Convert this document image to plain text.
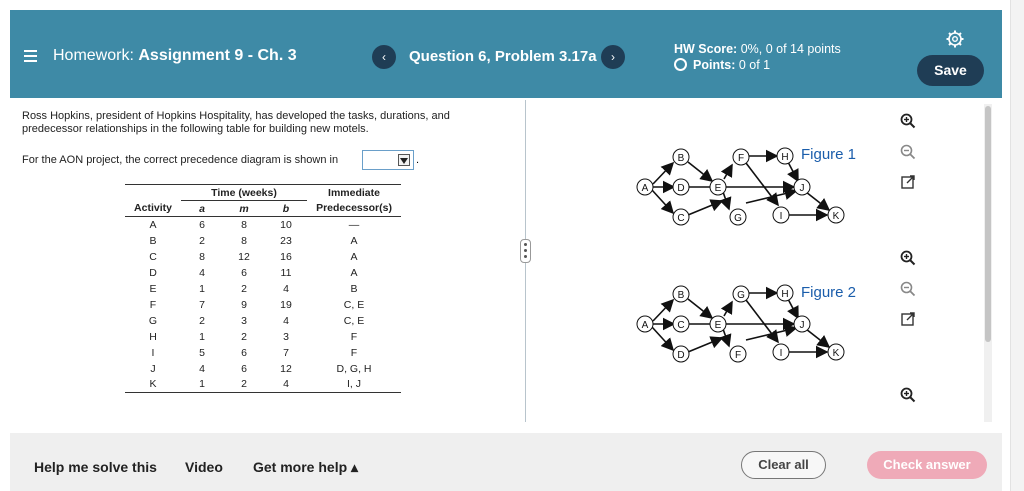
Homework: Assignment 9 - Ch. 3	‹	Question 6, Problem 3.17a	›
HW Score: 0%, 0 of 14 points
Points: 0 of 1	Save
Ross Hopkins, president of Hopkins Hospitality, has developed the tasks, durations, and predecessor relationships in the following table for building new motels.
For the AON project, the correct precedence diagram is shown in	.
	Time (weeks)			Immediate
Activity	a	m	b	Predecessor(s)
A	6	8	10	—
B	2	8	23	A
C	8	12	16	A
D	4	6	11	A
E	1	2	4	B
F	7	9	19	C, E
G	2	3	4	C, E
H	1	2	3	F
I	5	6	7	F
J	4	6	12	D, G, H
K	1	2	4	I, J
A
B
C
D	E
F
G
H
I
J
K
Figure 1
A
B
C
D
E
F
G	H
I
J
K
Figure 2
Help me solve this Video Get more help ▴	Clear all	Check answer
